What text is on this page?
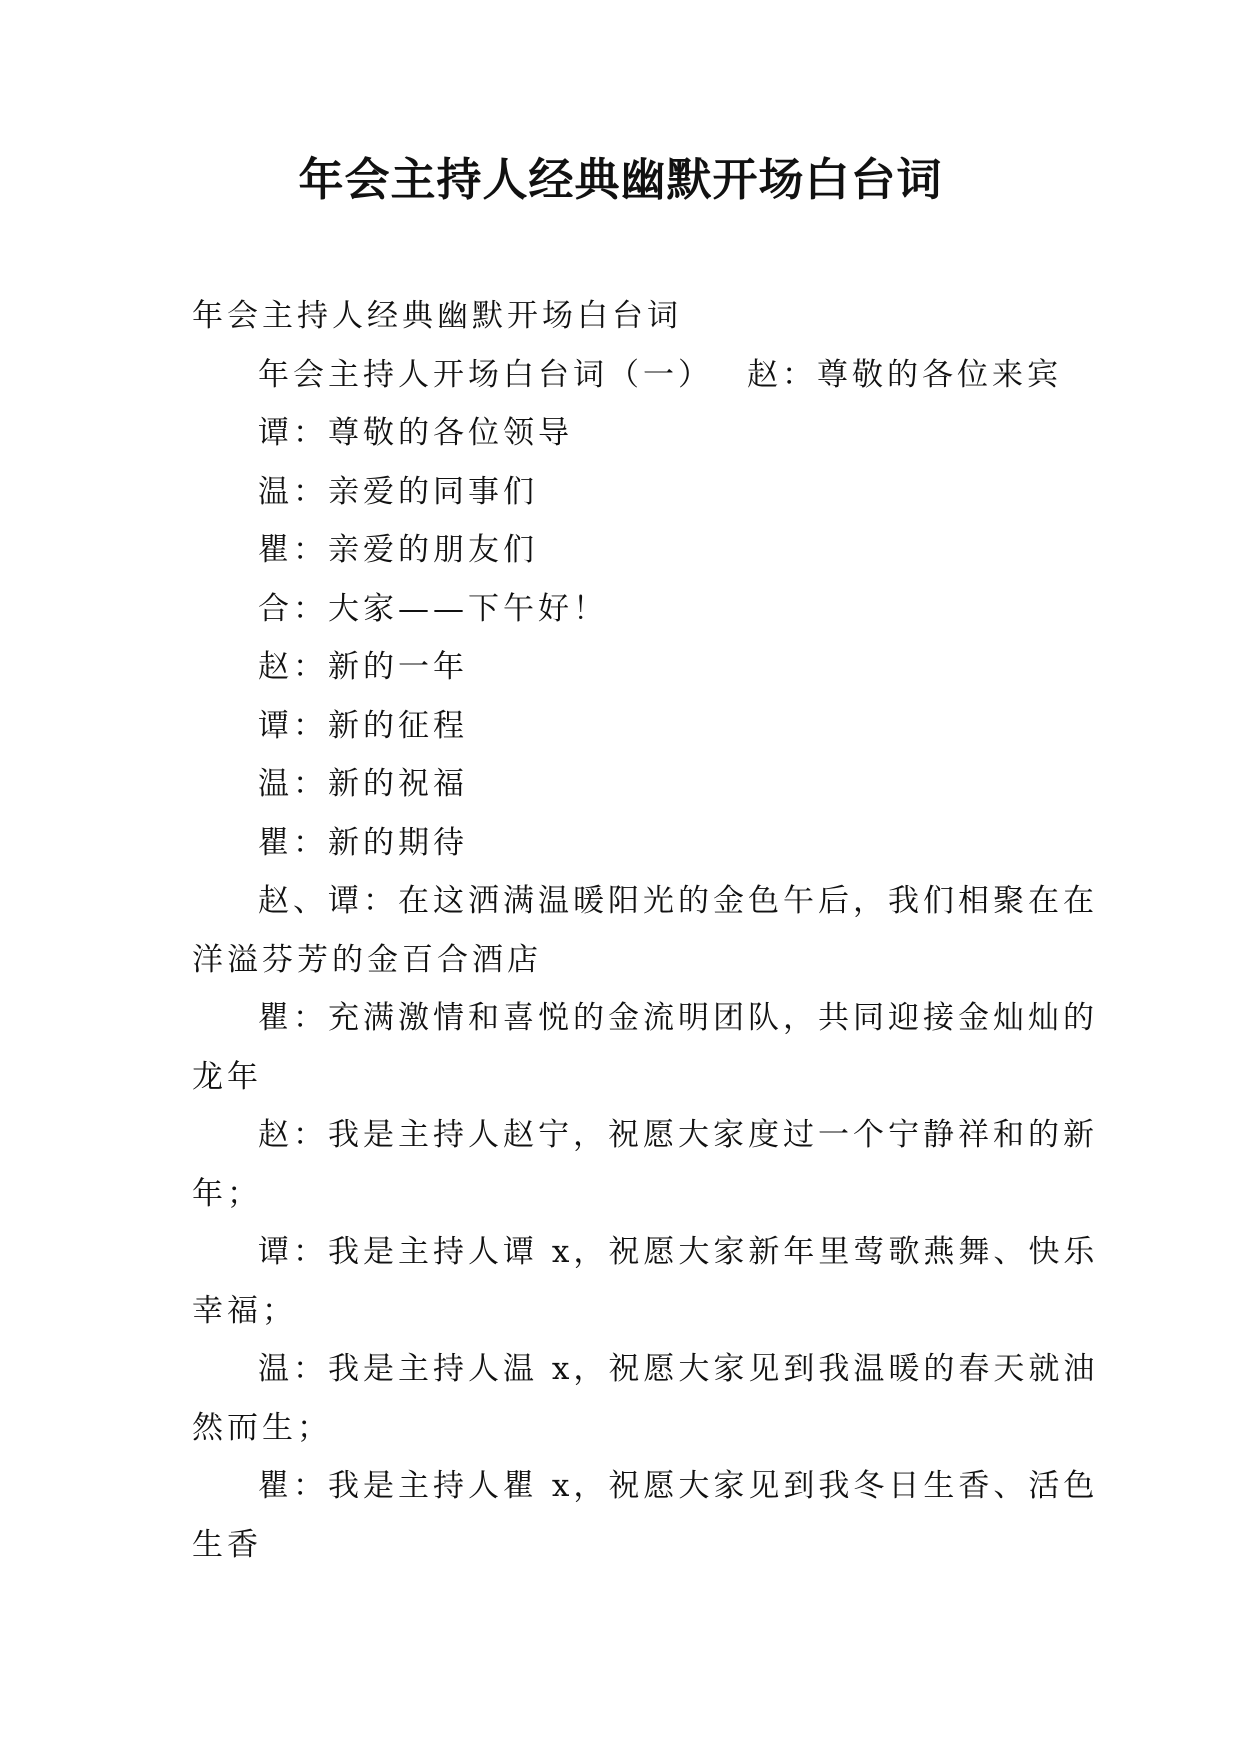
年会主持人经典幽默开场白台词
年会主持人经典幽默开场白台词
年会主持人开场白台词（一） 赵：尊敬的各位来宾
谭：尊敬的各位领导
温：亲爱的同事们
瞿：亲爱的朋友们
合：大家——下午好！
赵：新的一年
谭：新的征程
温：新的祝福
瞿：新的期待
赵、谭：在这洒满温暖阳光的金色午后，我们相聚在在
洋溢芬芳的金百合酒店
瞿：充满激情和喜悦的金流明团队，共同迎接金灿灿的
龙年
赵：我是主持人赵宁，祝愿大家度过一个宁静祥和的新
年；
谭：我是主持人谭 x，祝愿大家新年里莺歌燕舞、快乐
幸福；
温：我是主持人温 x，祝愿大家见到我温暖的春天就油
然而生；
瞿：我是主持人瞿 x，祝愿大家见到我冬日生香、活色
生香
